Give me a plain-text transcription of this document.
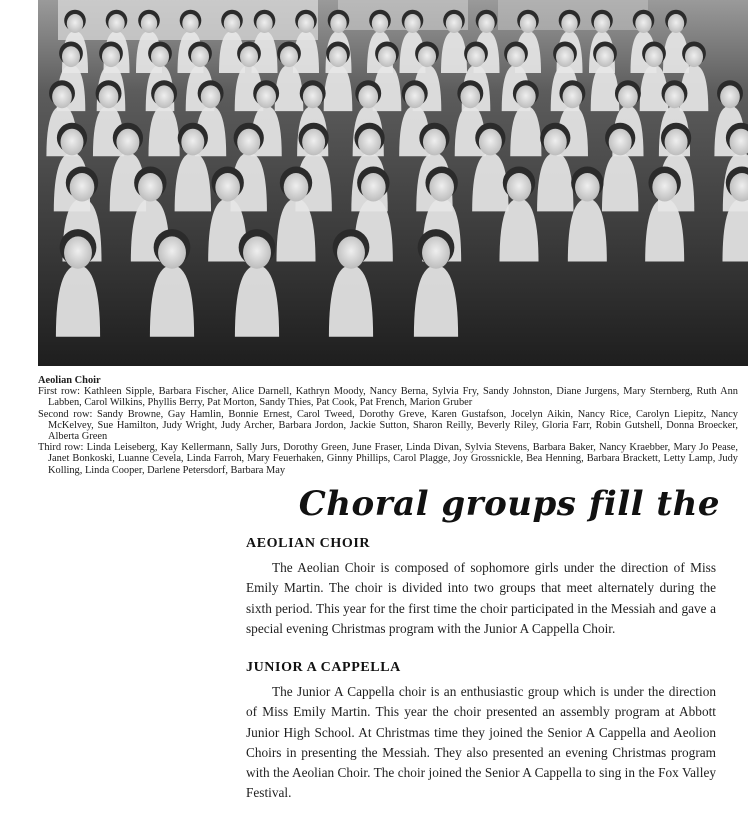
Aeolian Choir

First row: Kathleen Sipple, Barbara Fischer, Alice Darnell, Kathryn Moody, Nancy Berna, Sylvia Fry, Sandy Johnston, Diane Jurgens, Mary Sternberg, Ruth Ann Labben, Carol Wilkins, Phyllis Berry, Pat Morton, Sandy Thies, Pat Cook, Pat French, Marion Gruber

Second row: Sandy Browne, Gay Hamlin, Bonnie Ernest, Carol Tweed, Dorothy Greve, Karen Gustafson, Jocelyn Aikin, Nancy Rice, Carolyn Liepitz, Nancy McKelvey, Sue Hamilton, Judy Wright, Judy Archer, Barbara Jordon, Jackie Sutton, Sharon Reilly, Beverly Riley, Gloria Farr, Robin Gutshell, Donna Broecker, Alberta Green

Third row: Linda Leiseberg, Kay Kellermann, Sally Jurs, Dorothy Green, June Fraser, Linda Divan, Sylvia Stevens, Barbara Baker, Nancy Kraebber, Mary Jo Pease, Janet Bonkoski, Luanne Cevela, Linda Farroh, Mary Feuerhaken, Ginny Phillips, Carol Plagge, Joy Grossnickle, Bea Henning, Barbara Brackett, Letty Lamp, Judy Kolling, Linda Cooper, Darlene Petersdorf, Barbara May

Choral groups fill the
AEOLIAN CHOIR

The Aeolian Choir is composed of sophomore girls under the direction of Miss Emily Martin. The choir is divided into two groups that meet alternately during the sixth period. This year for the first time the choir participated in the Messiah and gave a special evening Christmas program with the Junior A Cappella Choir.

JUNIOR A CAPPELLA

The Junior A Cappella choir is an enthusiastic group which is under the direction of Miss Emily Martin. This year the choir presented an assembly program at Abbott Junior High School. At Christmas time they joined the Senior A Cappella and Aeolion Choirs in presenting the Messiah. They also presented an evening Christmas program with the Aeolian Choir. The choir joined the Senior A Cappella to sing in the Fox Valley Festival.
